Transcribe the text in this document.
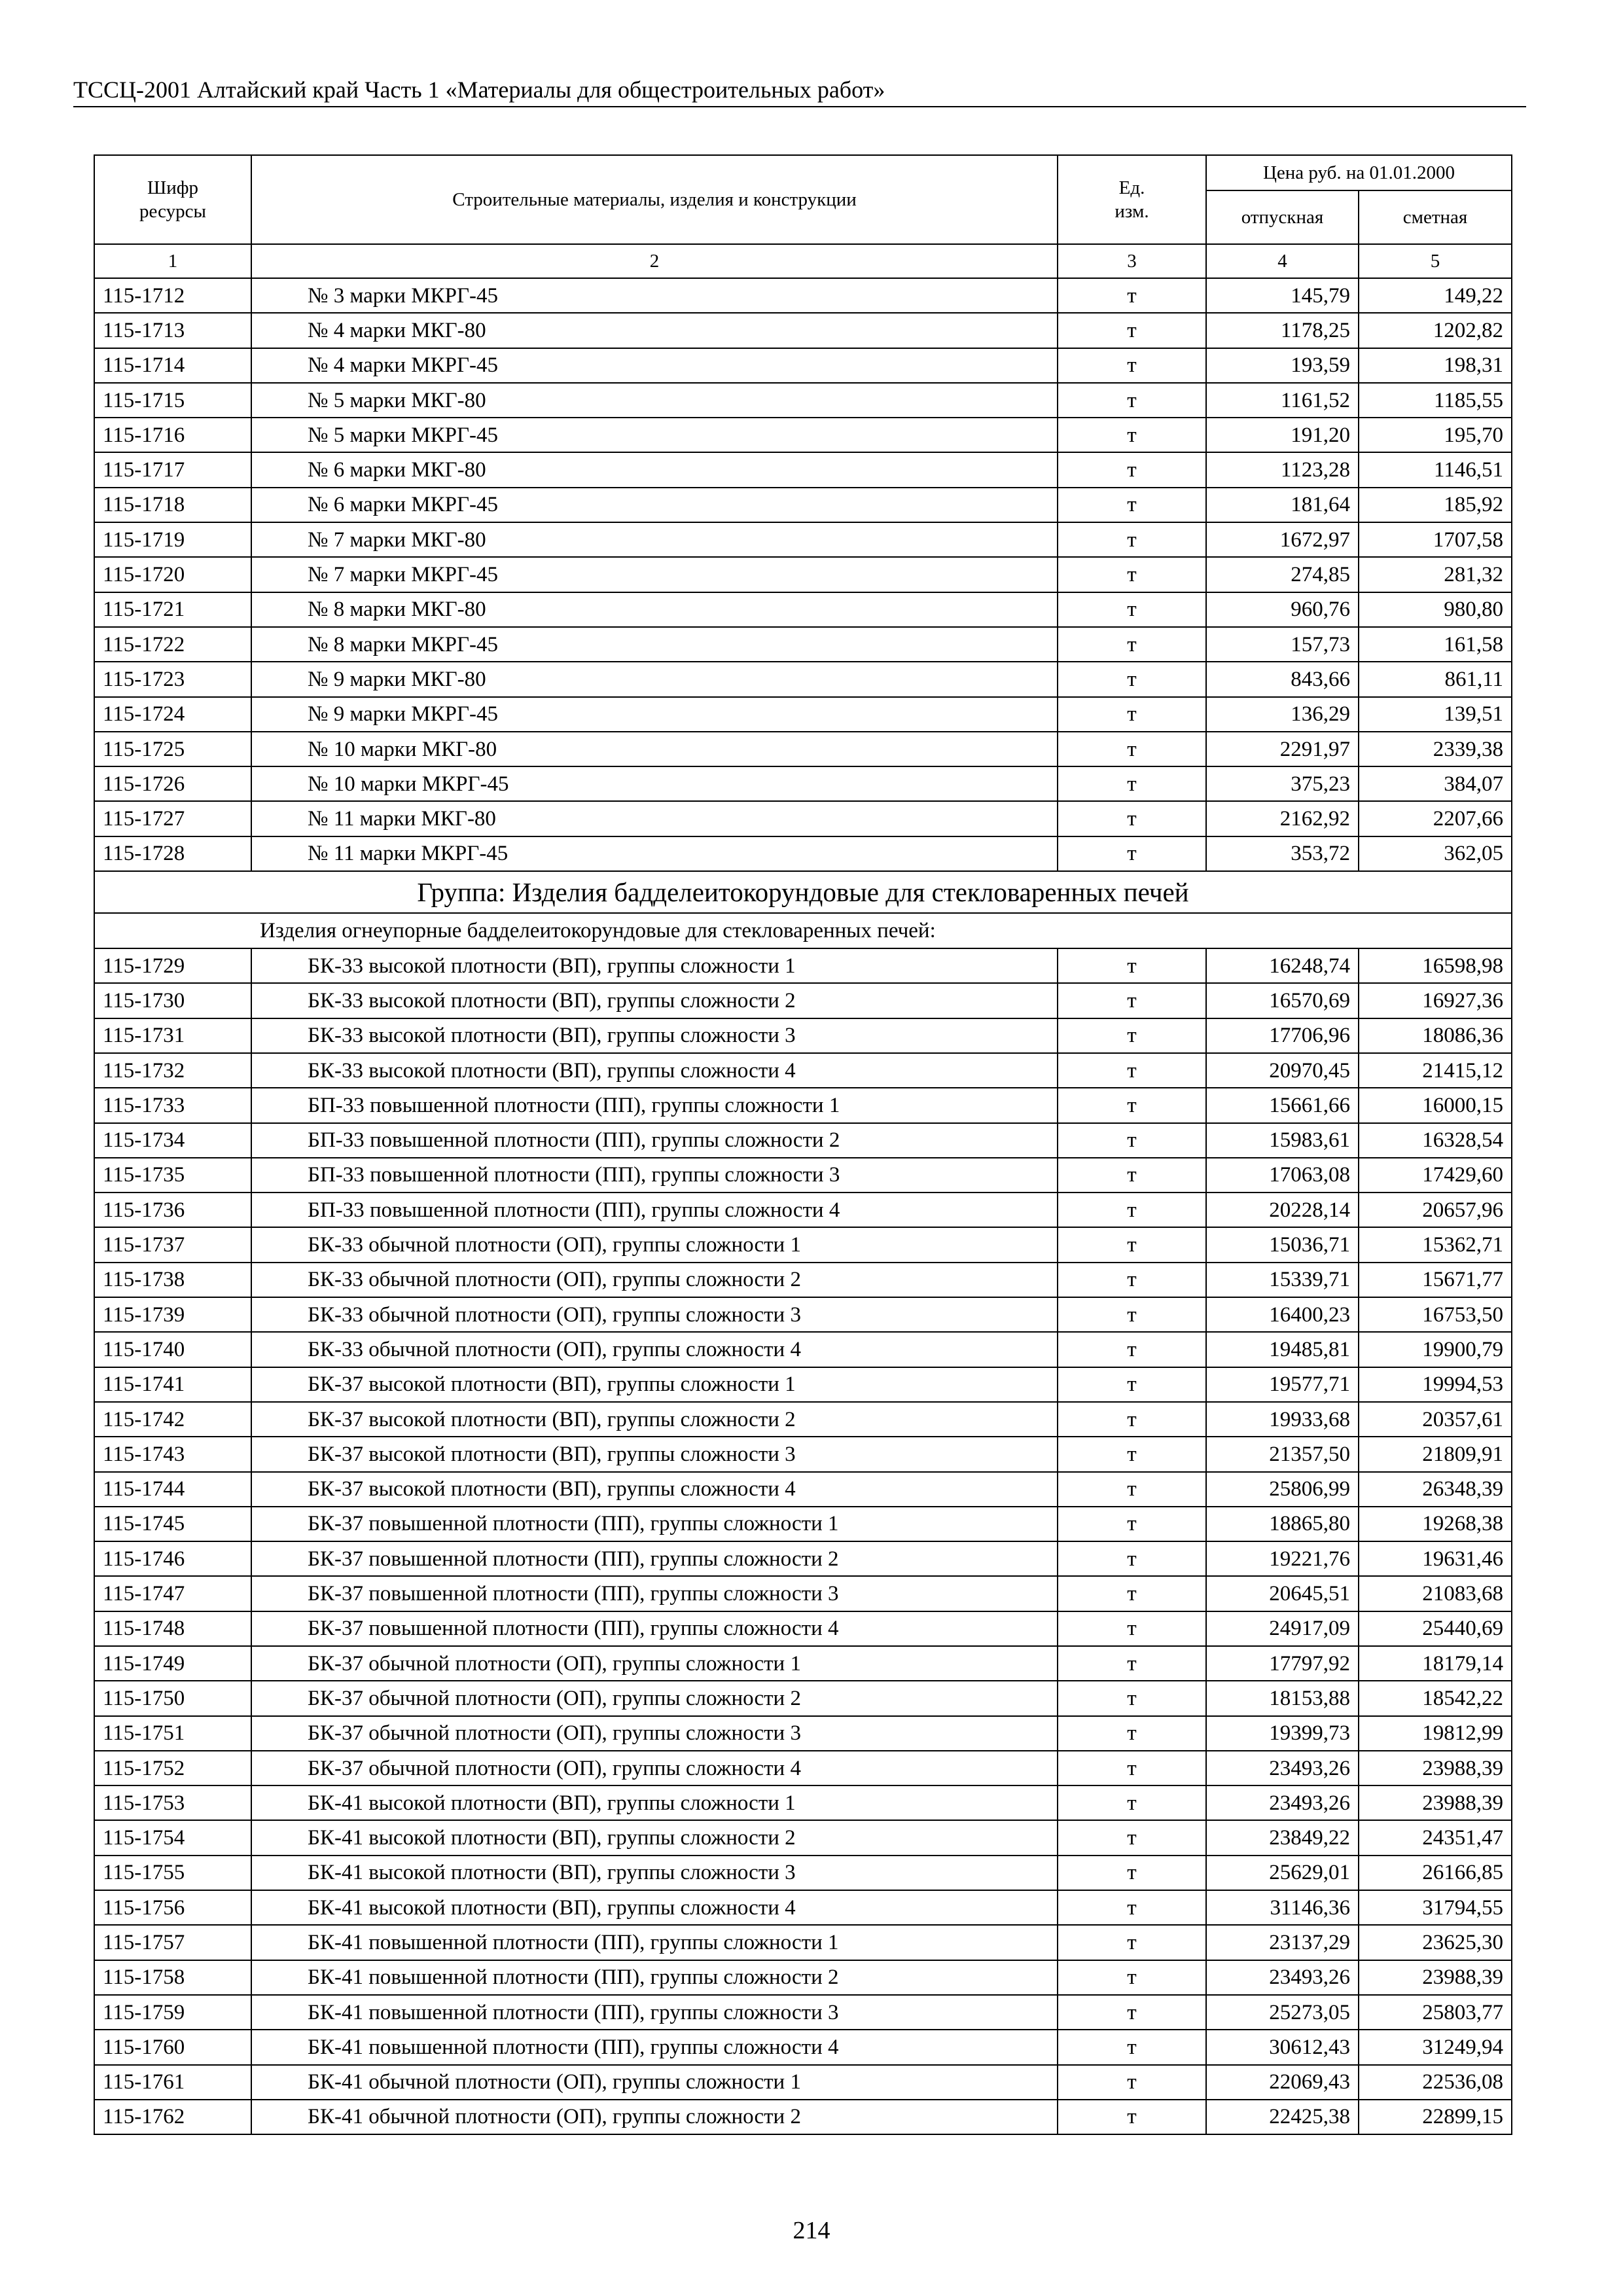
ТССЦ-2001 Алтайский край Часть 1 «Материалы для общестроительных работ»
Шифр ресурсы	Строительные материалы, изделия и конструкции	Ед. изм.	Цена руб. на 01.01.2000	
			отпускная	сметная
1	2	3	4	5
115-1712	№ 3 марки МКРГ-45	т	145,79	149,22
115-1713	№ 4 марки МКГ-80	т	1178,25	1202,82
115-1714	№ 4 марки МКРГ-45	т	193,59	198,31
115-1715	№ 5 марки МКГ-80	т	1161,52	1185,55
115-1716	№ 5 марки МКРГ-45	т	191,20	195,70
115-1717	№ 6 марки МКГ-80	т	1123,28	1146,51
115-1718	№ 6 марки МКРГ-45	т	181,64	185,92
115-1719	№ 7 марки МКГ-80	т	1672,97	1707,58
115-1720	№ 7 марки МКРГ-45	т	274,85	281,32
115-1721	№ 8 марки МКГ-80	т	960,76	980,80
115-1722	№ 8 марки МКРГ-45	т	157,73	161,58
115-1723	№ 9 марки МКГ-80	т	843,66	861,11
115-1724	№ 9 марки МКРГ-45	т	136,29	139,51
115-1725	№ 10 марки МКГ-80	т	2291,97	2339,38
115-1726	№ 10 марки МКРГ-45	т	375,23	384,07
115-1727	№ 11 марки МКГ-80	т	2162,92	2207,66
115-1728	№ 11 марки МКРГ-45	т	353,72	362,05
Группа: Изделия бадделеитокорундовые для стекловаренных печей				
Изделия огнеупорные бадделеитокорундовые для стекловаренных печей:				
115-1729	БК-33 высокой плотности (ВП), группы сложности 1	т	16248,74	16598,98
115-1730	БК-33 высокой плотности (ВП), группы сложности 2	т	16570,69	16927,36
115-1731	БК-33 высокой плотности (ВП), группы сложности 3	т	17706,96	18086,36
115-1732	БК-33 высокой плотности (ВП), группы сложности 4	т	20970,45	21415,12
115-1733	БП-33 повышенной плотности (ПП), группы сложности 1	т	15661,66	16000,15
115-1734	БП-33 повышенной плотности (ПП), группы сложности 2	т	15983,61	16328,54
115-1735	БП-33 повышенной плотности (ПП), группы сложности 3	т	17063,08	17429,60
115-1736	БП-33 повышенной плотности (ПП), группы сложности 4	т	20228,14	20657,96
115-1737	БК-33 обычной плотности (ОП), группы сложности 1	т	15036,71	15362,71
115-1738	БК-33 обычной плотности (ОП), группы сложности 2	т	15339,71	15671,77
115-1739	БК-33 обычной плотности (ОП), группы сложности 3	т	16400,23	16753,50
115-1740	БК-33 обычной плотности (ОП), группы сложности 4	т	19485,81	19900,79
115-1741	БК-37 высокой плотности (ВП), группы сложности 1	т	19577,71	19994,53
115-1742	БК-37 высокой плотности (ВП), группы сложности 2	т	19933,68	20357,61
115-1743	БК-37 высокой плотности (ВП), группы сложности 3	т	21357,50	21809,91
115-1744	БК-37 высокой плотности (ВП), группы сложности 4	т	25806,99	26348,39
115-1745	БК-37 повышенной плотности (ПП), группы сложности 1	т	18865,80	19268,38
115-1746	БК-37 повышенной плотности (ПП), группы сложности 2	т	19221,76	19631,46
115-1747	БК-37 повышенной плотности (ПП), группы сложности 3	т	20645,51	21083,68
115-1748	БК-37 повышенной плотности (ПП), группы сложности 4	т	24917,09	25440,69
115-1749	БК-37 обычной плотности (ОП), группы сложности 1	т	17797,92	18179,14
115-1750	БК-37 обычной плотности (ОП), группы сложности 2	т	18153,88	18542,22
115-1751	БК-37 обычной плотности (ОП), группы сложности 3	т	19399,73	19812,99
115-1752	БК-37 обычной плотности (ОП), группы сложности 4	т	23493,26	23988,39
115-1753	БК-41 высокой плотности (ВП), группы сложности 1	т	23493,26	23988,39
115-1754	БК-41 высокой плотности (ВП), группы сложности 2	т	23849,22	24351,47
115-1755	БК-41 высокой плотности (ВП), группы сложности 3	т	25629,01	26166,85
115-1756	БК-41 высокой плотности (ВП), группы сложности 4	т	31146,36	31794,55
115-1757	БК-41 повышенной плотности (ПП), группы сложности 1	т	23137,29	23625,30
115-1758	БК-41 повышенной плотности (ПП), группы сложности 2	т	23493,26	23988,39
115-1759	БК-41 повышенной плотности (ПП), группы сложности 3	т	25273,05	25803,77
115-1760	БК-41 повышенной плотности (ПП), группы сложности 4	т	30612,43	31249,94
115-1761	БК-41 обычной плотности (ОП), группы сложности 1	т	22069,43	22536,08
115-1762	БК-41 обычной плотности (ОП), группы сложности 2	т	22425,38	22899,15
214
